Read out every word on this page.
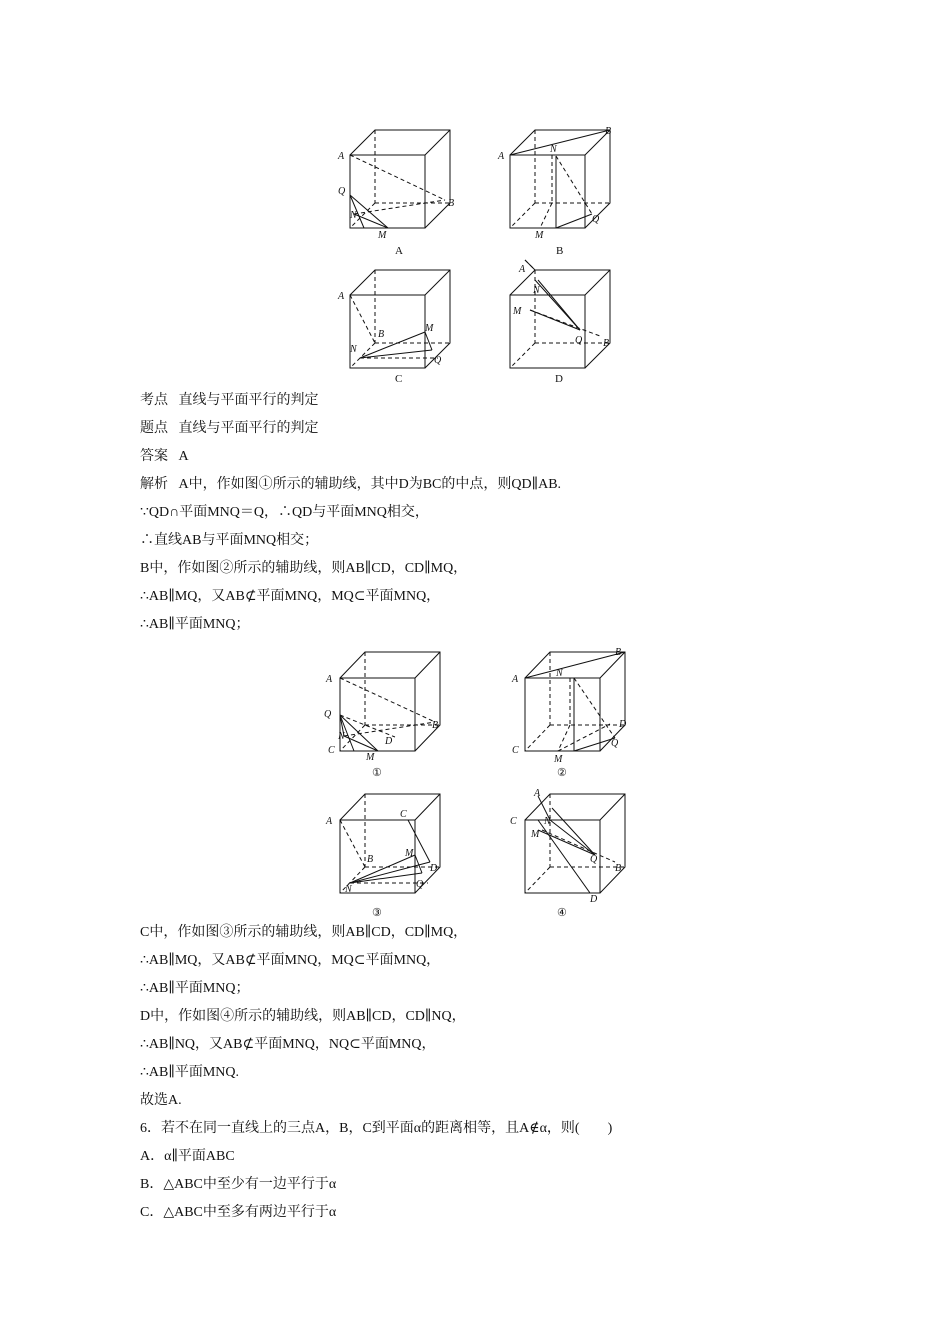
A
Q
N
M
B
A
N
B
M
Q
A
B
M
N
Q
A
N
M
Q B
A	B
C	D
考点 直线与平面平行的判定
题点 直线与平面平行的判定
答案 A
解析 A中，作如图①所示的辅助线，其中D为BC的中点，则QD∥AB.
∵QD∩平面MNQ＝Q，∴QD与平面MNQ相交，
∴直线AB与平面MNQ相交；
B中，作如图②所示的辅助线，则AB∥CD，CD∥MQ，
∴AB∥MQ，又AB⊄平面MNQ，MQ⊂平面MNQ，
∴AB∥平面MNQ；
A
Q
N
C
M
D
B
A
N
B
C
M
D
Q
A
C
B
M
D
N	Q
A
C
M
N
Q
B
D
①	②
③	④
C中，作如图③所示的辅助线，则AB∥CD，CD∥MQ，
∴AB∥MQ，又AB⊄平面MNQ，MQ⊂平面MNQ，
∴AB∥平面MNQ；
D中，作如图④所示的辅助线，则AB∥CD，CD∥NQ，
∴AB∥NQ，又AB⊄平面MNQ，NQ⊂平面MNQ，
∴AB∥平面MNQ.
故选A.
6．若不在同一直线上的三点A，B，C到平面α的距离相等，且A∉α，则(　　)
A．α∥平面ABC
B．△ABC中至少有一边平行于α
C．△ABC中至多有两边平行于α
